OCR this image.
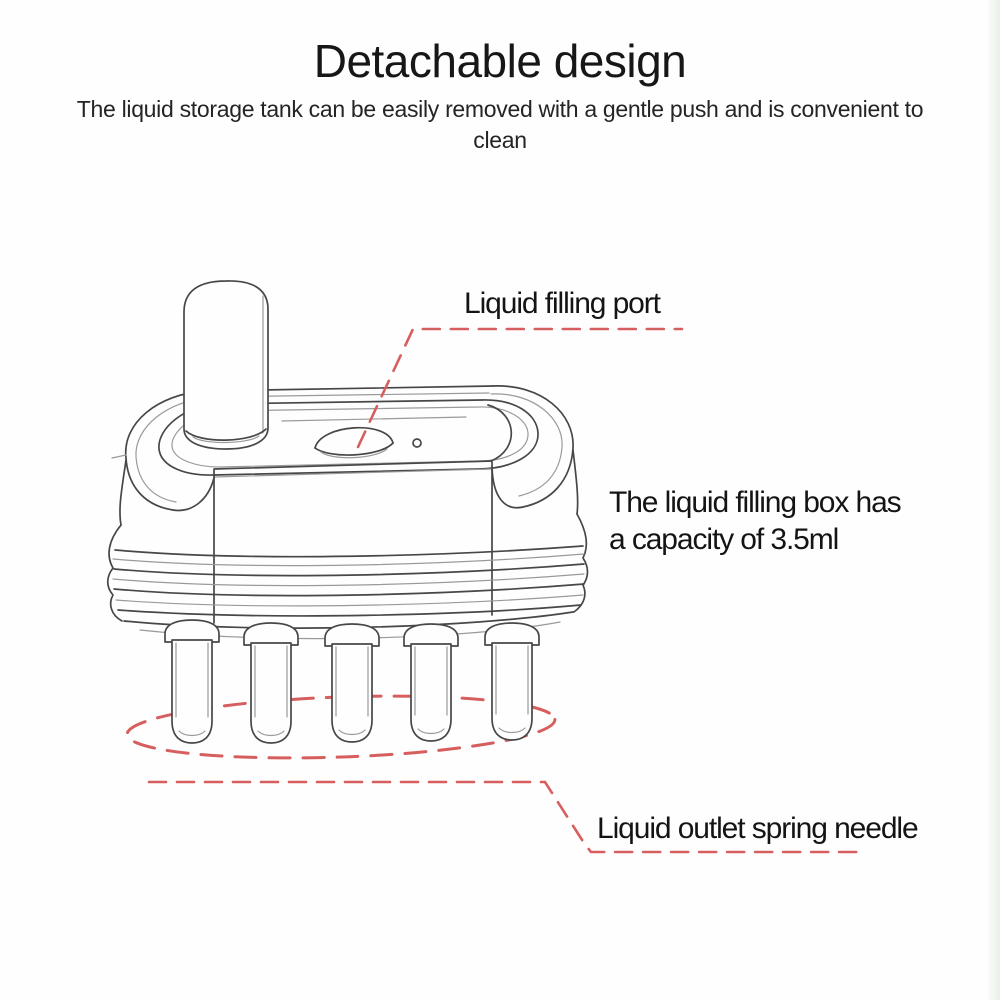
Detachable design
The liquid storage tank can be easily removed with a gentle push and is convenient to
clean
Liquid filling port
The liquid filling box has
a capacity of 3.5ml
Liquid outlet spring needle
